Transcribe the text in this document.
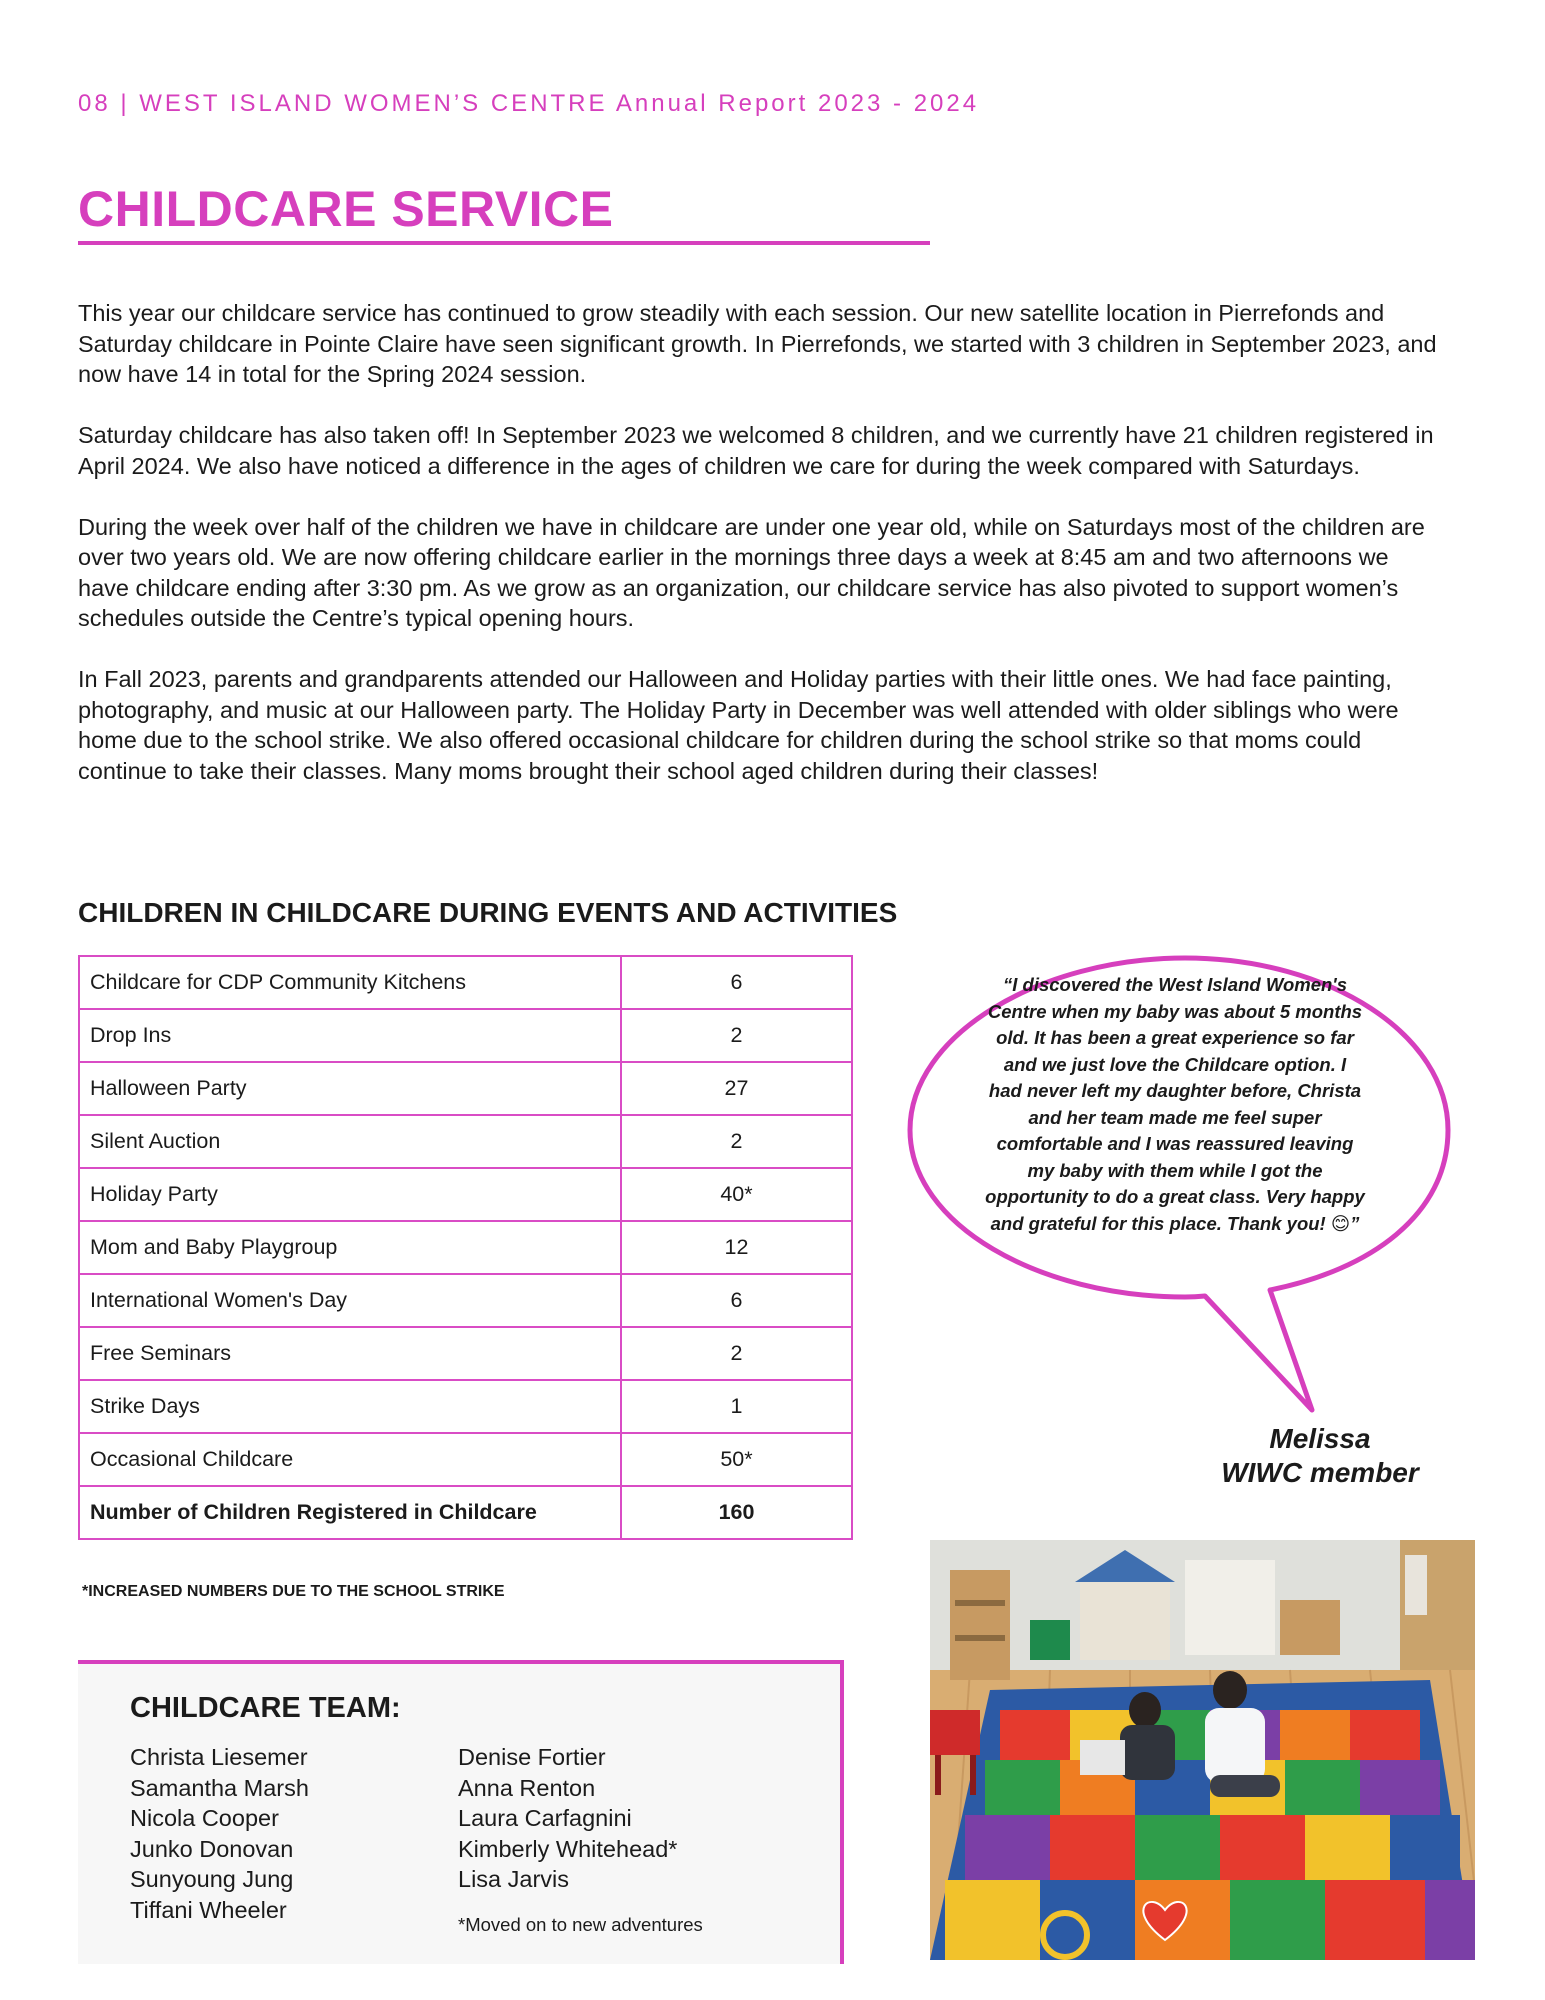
08 | WEST ISLAND WOMEN’S CENTRE Annual Report 2023 - 2024
CHILDCARE SERVICE

This year our childcare service has continued to grow steadily with each session. Our new satellite location in Pierrefonds and Saturday childcare in Pointe Claire have seen significant growth. In Pierrefonds, we started with 3 children in September 2023, and now have 14 in total for the Spring 2024 session.

Saturday childcare has also taken off! In September 2023 we welcomed 8 children, and we currently have 21 children registered in April 2024. We also have noticed a difference in the ages of children we care for during the week compared with Saturdays.

During the week over half of the children we have in childcare are under one year old, while on Saturdays most of the children are over two years old. We are now offering childcare earlier in the mornings three days a week at 8:45 am and two afternoons we have childcare ending after 3:30 pm. As we grow as an organization, our childcare service has also pivoted to support women’s schedules outside the Centre’s typical opening hours.

In Fall 2023, parents and grandparents attended our Halloween and Holiday parties with their little ones. We had face painting, photography, and music at our Halloween party. The Holiday Party in December was well attended with older siblings who were home due to the school strike. We also offered occasional childcare for children during the school strike so that moms could continue to take their classes. Many moms brought their school aged children during their classes!

CHILDREN IN CHILDCARE DURING EVENTS AND ACTIVITIES
Childcare for CDP Community Kitchens	6
Drop Ins	2
Halloween Party	27
Silent Auction	2
Holiday Party	40*
Mom and Baby Playgroup	12
International Women's Day	6
Free Seminars	2
Strike Days	1
Occasional Childcare	50*
Number of Children Registered in Childcare	160
*INCREASED NUMBERS DUE TO THE SCHOOL STRIKE
CHILDCARE TEAM:
Christa Liesemer
Samantha Marsh
Nicola Cooper
Junko Donovan
Sunyoung Jung
Tiffani Wheeler
Denise Fortier
Anna Renton
Laura Carfagnini
Kimberly Whitehead*
Lisa Jarvis
*Moved on to new adventures
“I discovered the West Island Women's Centre when my baby was about 5 months old. It has been a great experience so far and we just love the Childcare option. I had never left my daughter before, Christa and her team made me feel super comfortable and I was reassured leaving my baby with them while I got the opportunity to do a great class. Very happy and grateful for this place. Thank you! 😊”
Melissa
WIWC member
